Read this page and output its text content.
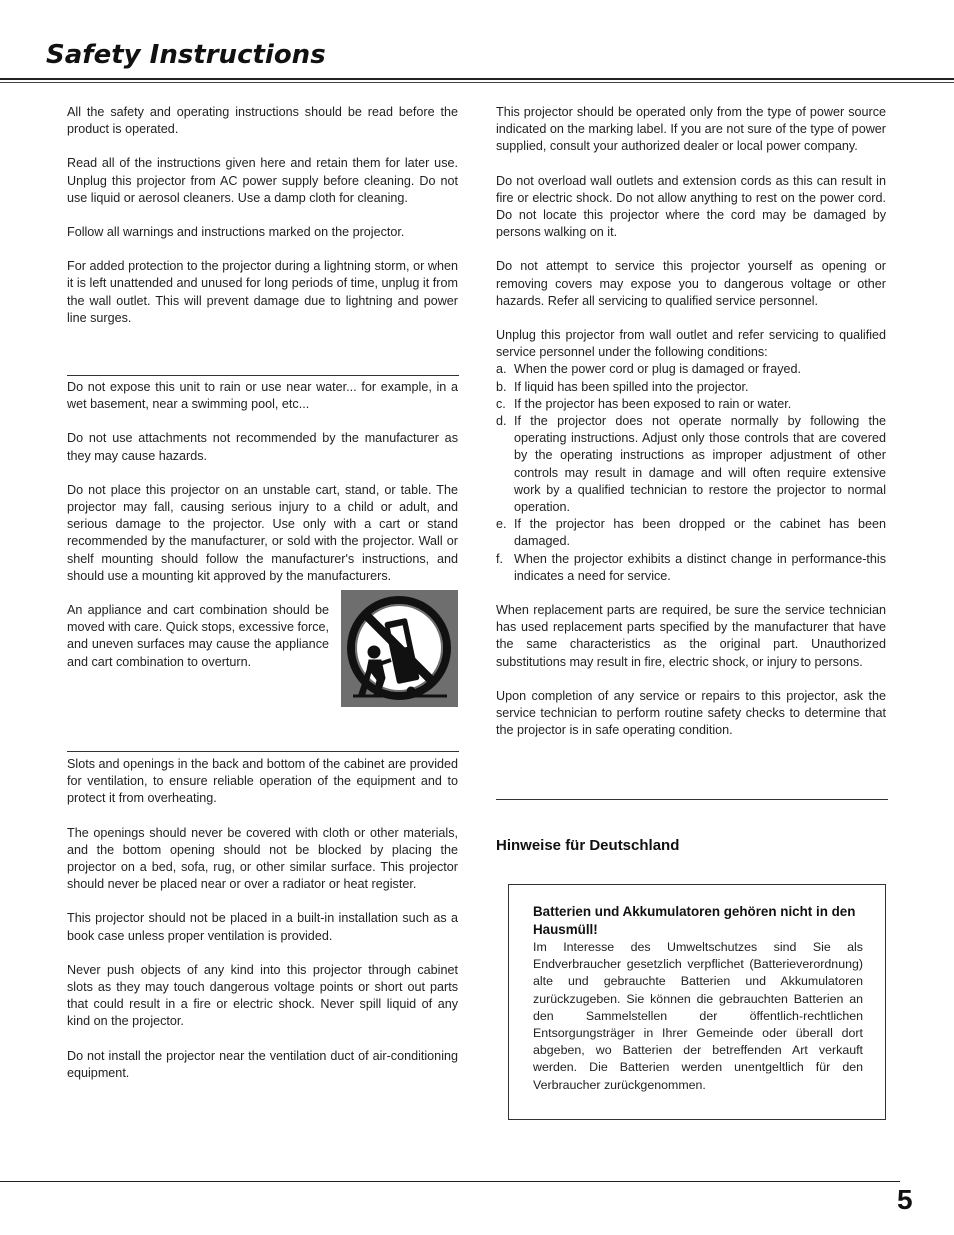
Safety Instructions

All the safety and operating instructions should be read before the product is operated.

Read all of the instructions given here and retain them for later use. Unplug this projector from AC power supply before cleaning. Do not use liquid or aerosol cleaners. Use a damp cloth for cleaning.

Follow all warnings and instructions marked on the projector.

For added protection to the projector during a lightning storm, or when it is left unattended and unused for long periods of time, unplug it from the wall outlet. This will prevent damage due to lightning and power line surges.

Do not expose this unit to rain or use near water... for example, in a wet basement, near a swimming pool, etc...

Do not use attachments not recommended by the manufacturer as they may cause hazards.

Do not place this projector on an unstable cart, stand, or table. The projector may fall, causing serious injury to a child or adult, and serious damage to the projector. Use only with a cart or stand recommended by the manufacturer, or sold with the projector. Wall or shelf mounting should follow the manufacturer's instructions, and should use a mounting kit approved by the manufacturers.

An appliance and cart combination should be moved with care. Quick stops, excessive force, and uneven surfaces may cause the appliance and cart combination to overturn.

Slots and openings in the back and bottom of the cabinet are provided for ventilation, to ensure reliable operation of the equipment and to protect it from overheating.

The openings should never be covered with cloth or other materials, and the bottom opening should not be blocked by placing the projector on a bed, sofa, rug, or other similar surface. This projector should never be placed near or over a radiator or heat register.

This projector should not be placed in a built-in installation such as a book case unless proper ventilation is provided.

Never push objects of any kind into this projector through cabinet slots as they may touch dangerous voltage points or short out parts that could result in a fire or electric shock. Never spill liquid of any kind on the projector.

Do not install the projector near the ventilation duct of air-conditioning equipment.

This projector should be operated only from the type of power source indicated on the marking label. If you are not sure of the type of power supplied, consult your authorized dealer or local power company.

Do not overload wall outlets and extension cords as this can result in fire or electric shock. Do not allow anything to rest on the power cord. Do not locate this projector where the cord may be damaged by persons walking on it.

Do not attempt to service this projector yourself as opening or removing covers may expose you to dangerous voltage or other hazards. Refer all servicing to qualified service personnel.

Unplug this projector from wall outlet and refer servicing to qualified service personnel under the following conditions:

a. When the power cord or plug is damaged or frayed.
b. If liquid has been spilled into the projector.
c. If the projector has been exposed to rain or water.
d. If the projector does not operate normally by following the operating instructions. Adjust only those controls that are covered by the operating instructions as improper adjustment of other controls may result in damage and will often require extensive work by a qualified technician to restore the projector to normal operation.
e. If the projector has been dropped or the cabinet has been damaged.
f. When the projector exhibits a distinct change in performance-this indicates a need for service.

When replacement parts are required, be sure the service technician has used replacement parts specified by the manufacturer that have the same characteristics as the original part. Unauthorized substitutions may result in fire, electric shock, or injury to persons.

Upon completion of any service or repairs to this projector, ask the service technician to perform routine safety checks to determine that the projector is in safe operating condition.

Hinweise für Deutschland

Batterien und Akkumulatoren gehören nicht in den Hausmüll!

Im Interesse des Umweltschutzes sind Sie als Endverbraucher gesetzlich verpflichet (Batterieverordnung) alte und gebrauchte Batterien und Akkumulatoren zurückzugeben. Sie können die gebrauchten Batterien an den Sammelstellen der öffentlich-rechtlichen Entsorgungsträger in Ihrer Gemeinde oder überall dort abgeben, wo Batterien der betreffenden Art verkauft werden. Die Batterien werden unentgeltlich für den Verbraucher zurückgenommen.

5
